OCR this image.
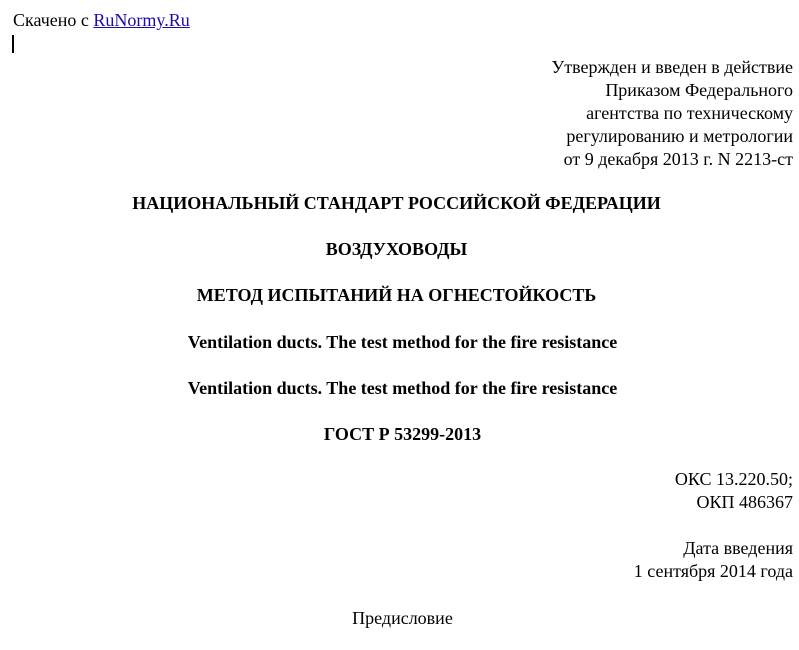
Скачено с RuNormy.Ru
Утвержден и введен в действие
Приказом Федерального
агентства по техническому
регулированию и метрологии
от 9 декабря 2013 г. N 2213-ст
НАЦИОНАЛЬНЫЙ СТАНДАРТ РОССИЙСКОЙ ФЕДЕРАЦИИ
ВОЗДУХОВОДЫ
МЕТОД ИСПЫТАНИЙ НА ОГНЕСТОЙКОСТЬ
Ventilation ducts. The test method for the fire resistance
Ventilation ducts. The test method for the fire resistance
ГОСТ Р 53299-2013
ОКС 13.220.50;
ОКП 486367
Дата введения
1 сентября 2014 года
Предисловие
